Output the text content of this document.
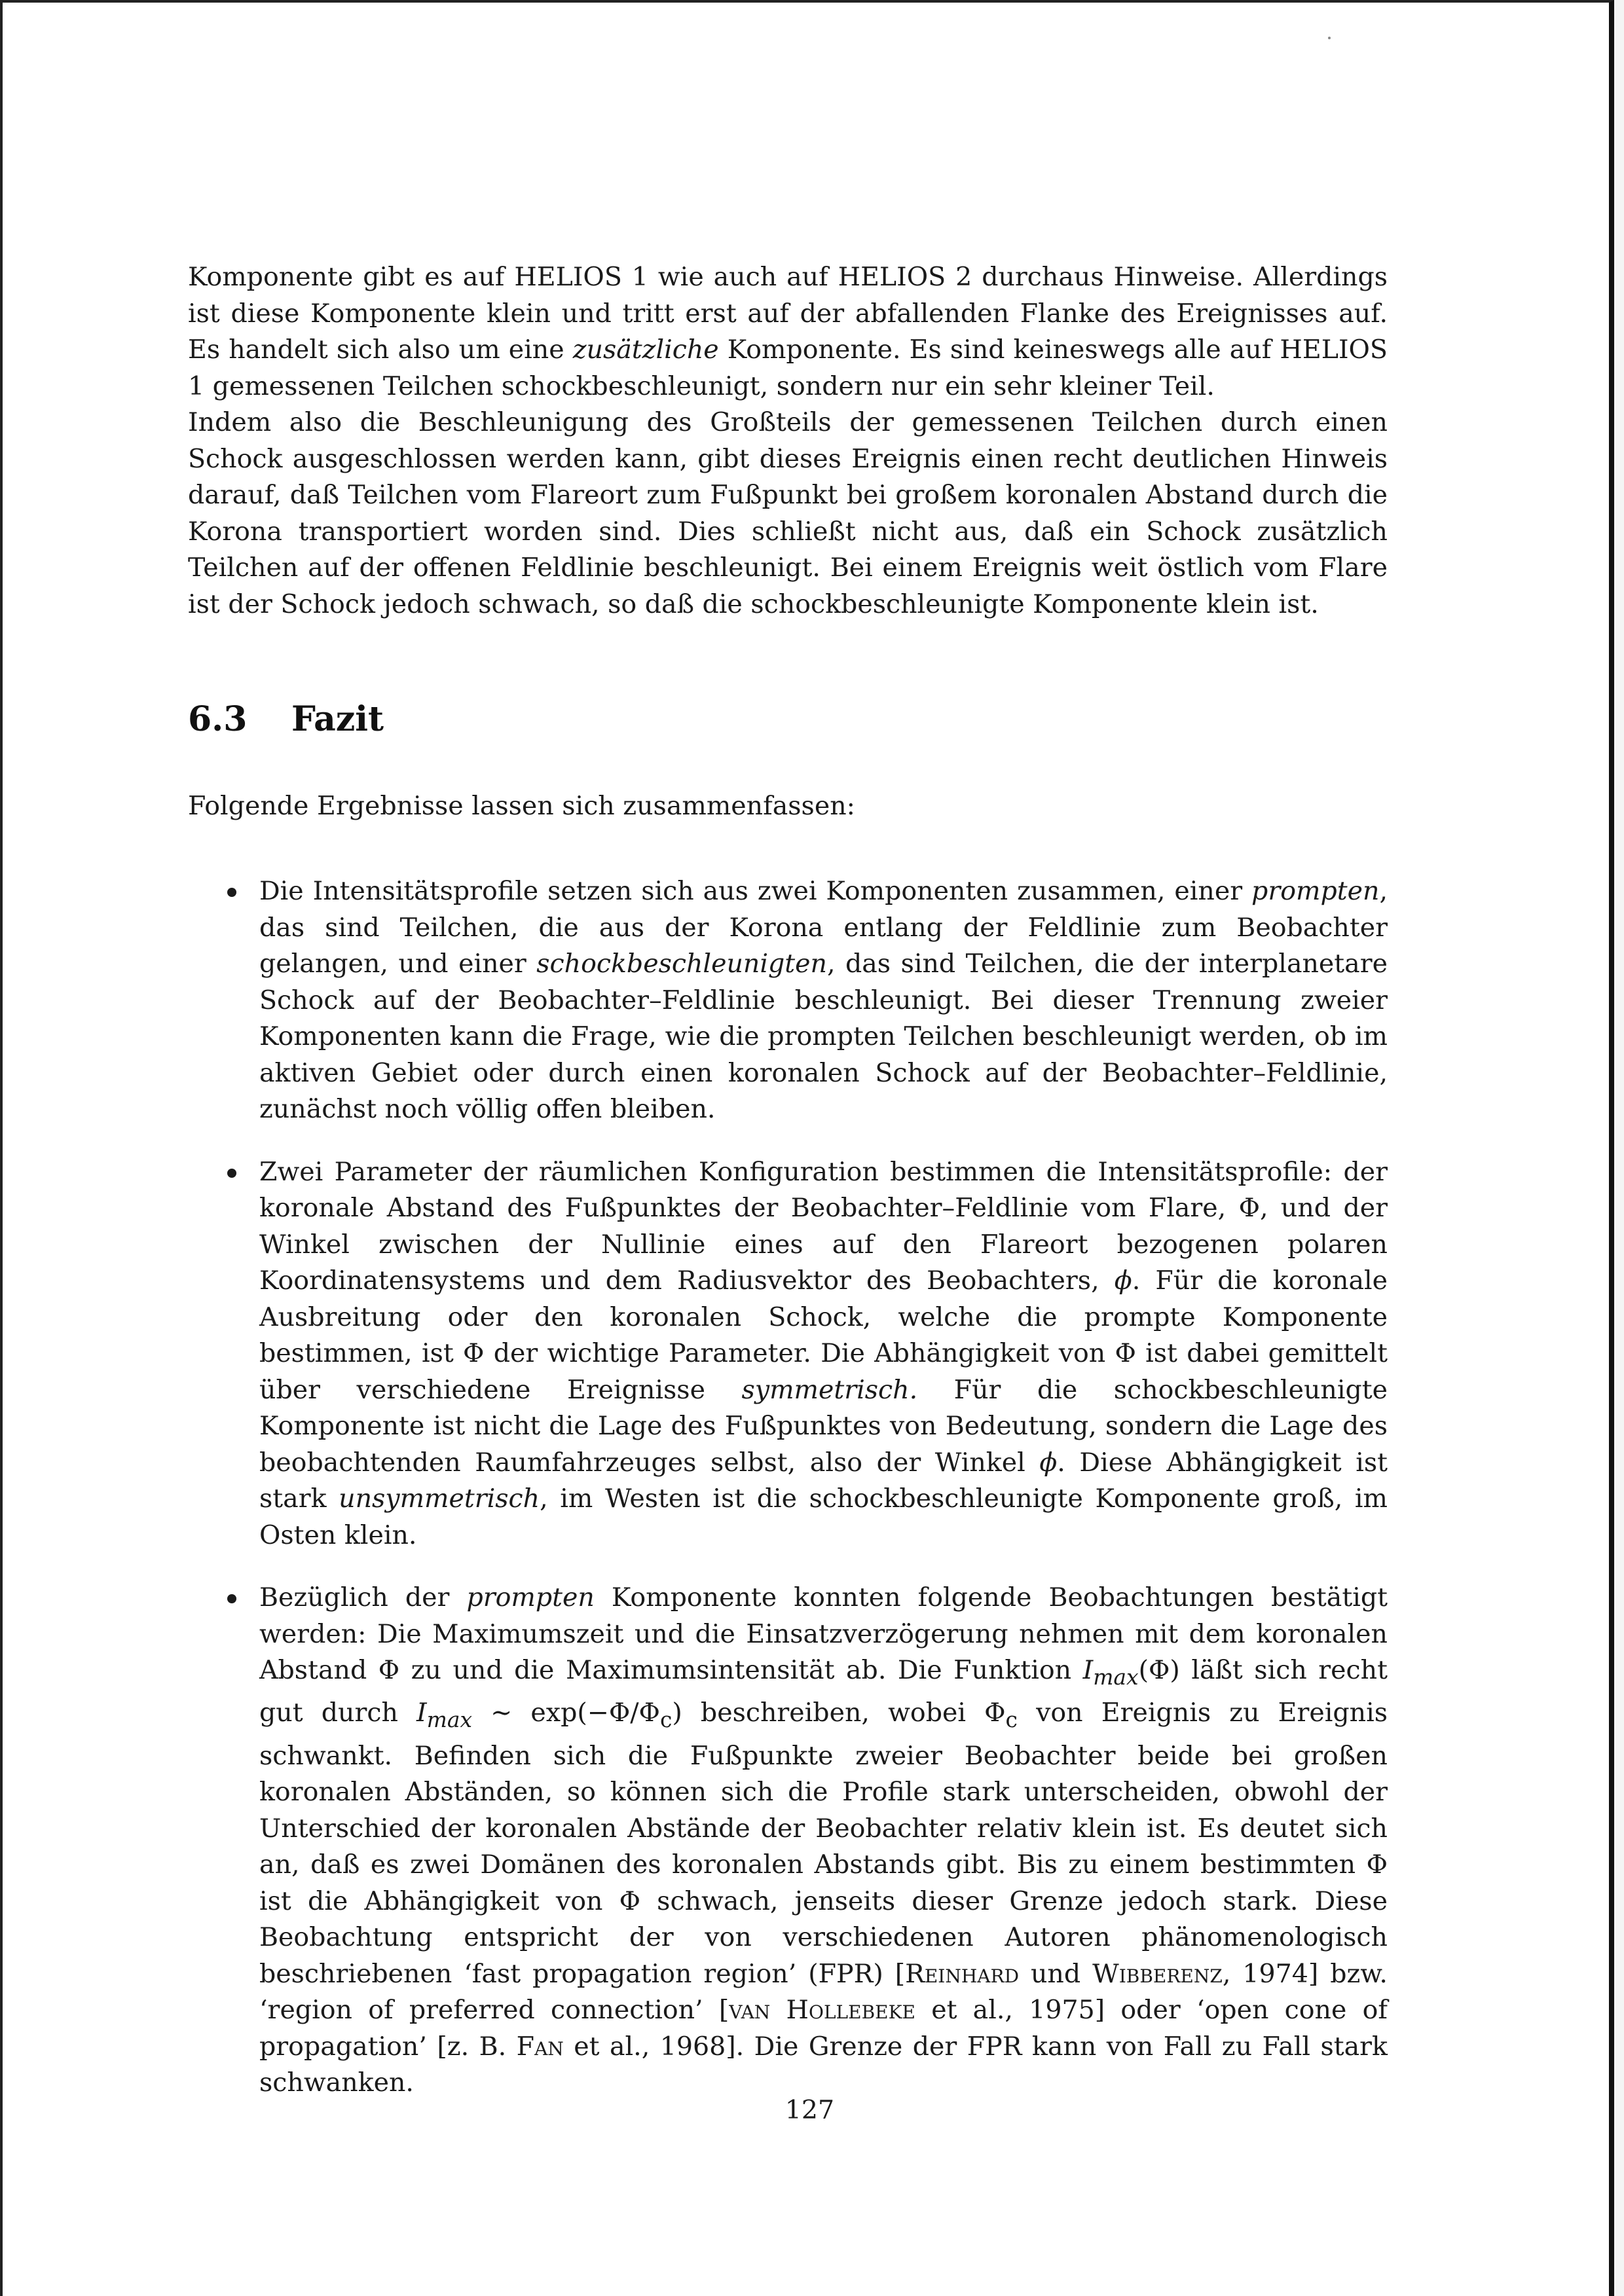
Komponente gibt es auf HELIOS 1 wie auch auf HELIOS 2 durchaus Hinweise. Allerdings ist diese Komponente klein und tritt erst auf der abfallenden Flanke des Ereignisses auf. Es handelt sich also um eine zusätzliche Komponente. Es sind keineswegs alle auf HELIOS 1 gemessenen Teilchen schockbeschleunigt, sondern nur ein sehr kleiner Teil.

Indem also die Beschleunigung des Großteils der gemessenen Teilchen durch einen Schock ausgeschlossen werden kann, gibt dieses Ereignis einen recht deutlichen Hinweis darauf, daß Teilchen vom Flareort zum Fußpunkt bei großem koronalen Abstand durch die Korona transportiert worden sind. Dies schließt nicht aus, daß ein Schock zusätzlich Teilchen auf der offenen Feldlinie beschleunigt. Bei einem Ereignis weit östlich vom Flare ist der Schock jedoch schwach, so daß die schockbeschleunigte Komponente klein ist.

6.3 Fazit
Folgende Ergebnisse lassen sich zusammenfassen:
Die Intensitätsprofile setzen sich aus zwei Komponenten zusammen, einer prompten, das sind Teilchen, die aus der Korona entlang der Feldlinie zum Beobachter gelangen, und einer schockbeschleunigten, das sind Teilchen, die der interplanetare Schock auf der Beobachter–Feldlinie beschleunigt. Bei dieser Trennung zweier Komponenten kann die Frage, wie die prompten Teilchen beschleunigt werden, ob im aktiven Gebiet oder durch einen koronalen Schock auf der Beobachter–Feldlinie, zunächst noch völlig offen bleiben.
Zwei Parameter der räumlichen Konfiguration bestimmen die Intensitätsprofile: der koronale Abstand des Fußpunktes der Beobachter–Feldlinie vom Flare, Φ, und der Winkel zwischen der Nullinie eines auf den Flareort bezogenen polaren Koordinatensystems und dem Radiusvektor des Beobachters, ϕ. Für die koronale Ausbreitung oder den koronalen Schock, welche die prompte Komponente bestimmen, ist Φ der wichtige Parameter. Die Abhängigkeit von Φ ist dabei gemittelt über verschiedene Ereignisse symmetrisch. Für die schockbeschleunigte Komponente ist nicht die Lage des Fußpunktes von Bedeutung, sondern die Lage des beobachtenden Raumfahrzeuges selbst, also der Winkel ϕ. Diese Abhängigkeit ist stark unsymmetrisch, im Westen ist die schockbeschleunigte Komponente groß, im Osten klein.
Bezüglich der prompten Komponente konnten folgende Beobachtungen bestätigt werden: Die Maximumszeit und die Einsatzverzögerung nehmen mit dem koronalen Abstand Φ zu und die Maximumsintensität ab. Die Funktion $I_{max}(\Phi)$ läßt sich recht gut durch $I_{max}$ ∼ $\exp(-\Phi/\Phi_c)$ beschreiben, wobei $\Phi_c$ von Ereignis zu Ereignis schwankt. Befinden sich die Fußpunkte zweier Beobachter beide bei großen koronalen Abständen, so können sich die Profile stark unterscheiden, obwohl der Unterschied der koronalen Abstände der Beobachter relativ klein ist. Es deutet sich an, daß es zwei Domänen des koronalen Abstands gibt. Bis zu einem bestimmten Φ ist die Abhängigkeit von Φ schwach, jenseits dieser Grenze jedoch stark. Diese Beobachtung entspricht der von verschiedenen Autoren phänomenologisch beschriebenen ‘fast propagation region’ (FPR) [Reinhard und Wibberenz, 1974] bzw. ‘region of preferred connection’ [van Hollebeke et al., 1975] oder ‘open cone of propagation’ [z. B. Fan et al., 1968]. Die Grenze der FPR kann von Fall zu Fall stark schwanken.
127
